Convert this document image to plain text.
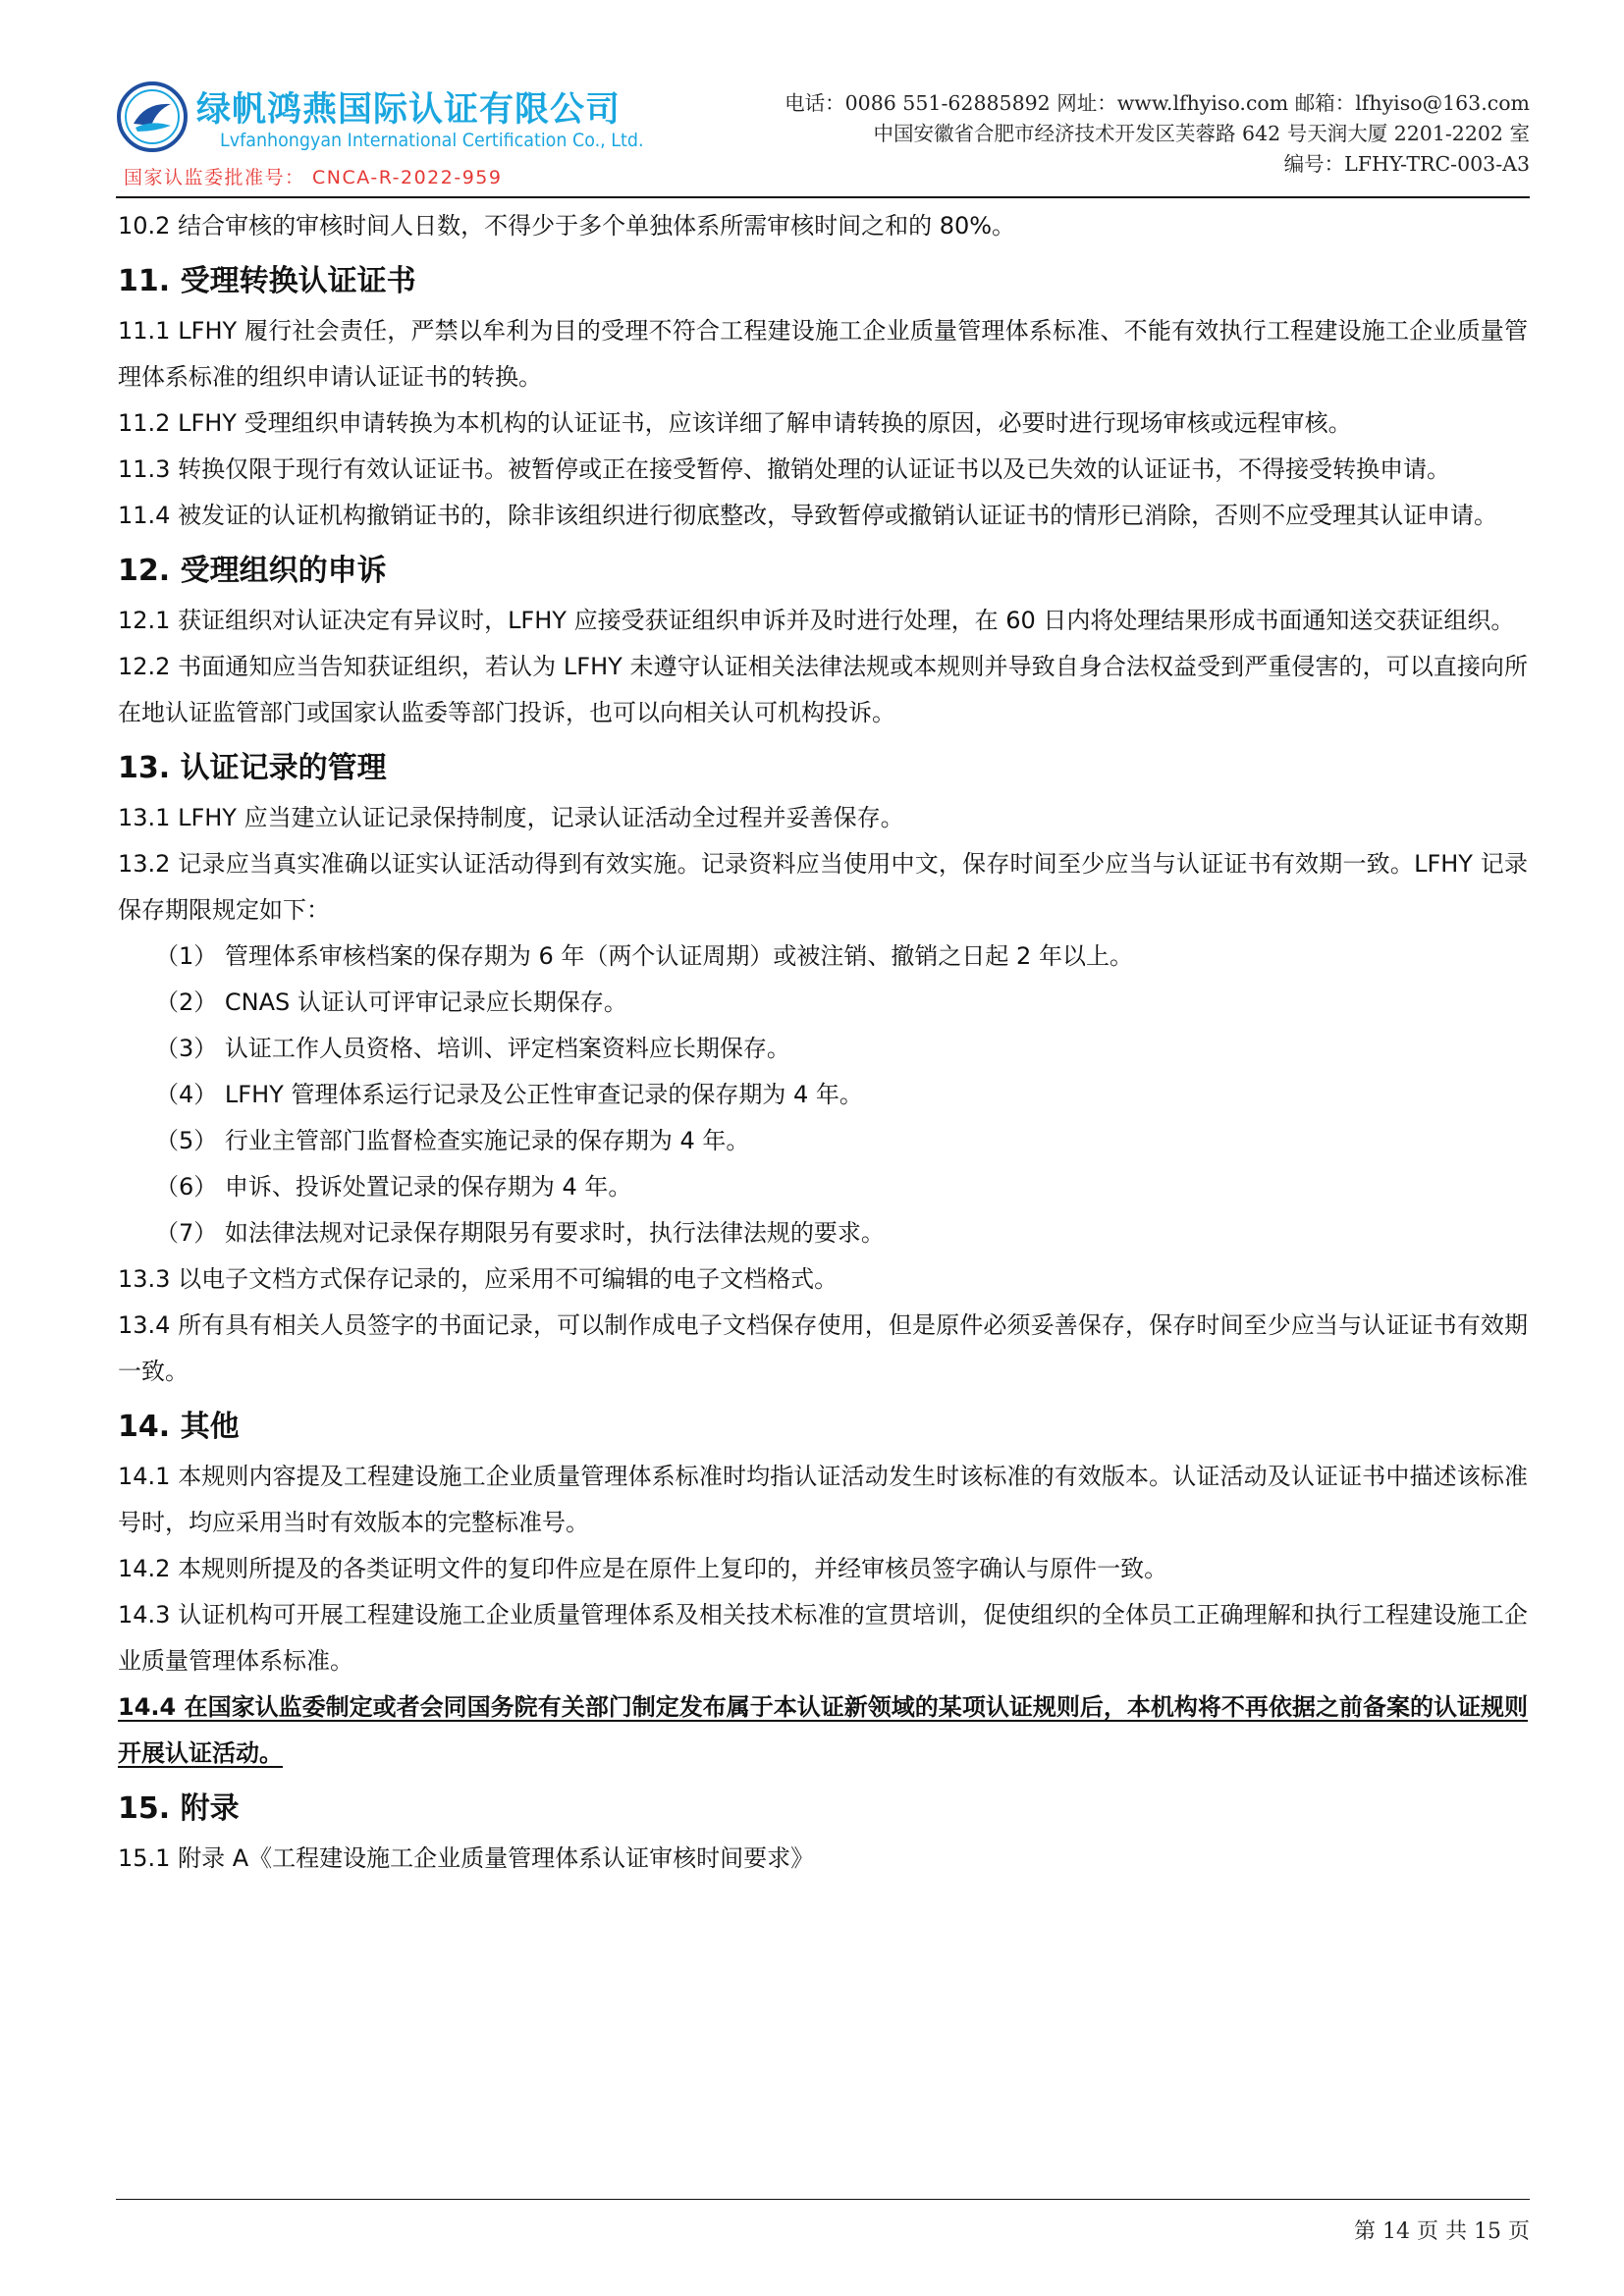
绿帆鸿燕国际认证有限公司
Lvfanhongyan International Certification Co., Ltd.
国家认监委批准号： CNCA-R-2022-959
电话：0086 551-62885892 网址：www.lfhyiso.com 邮箱：lfhyiso@163.com
中国安徽省合肥市经济技术开发区芙蓉路 642 号天润大厦 2201-2202 室
编号：LFHY-TRC-003-A3

10.2 结合审核的审核时间人日数，不得少于多个单独体系所需审核时间之和的 80%。

11. 受理转换认证证书

11.1 LFHY 履行社会责任，严禁以牟利为目的受理不符合工程建设施工企业质量管理体系标准、不能有效执行工程建设施工企业质量管理体系标准的组织申请认证证书的转换。

11.2 LFHY 受理组织申请转换为本机构的认证证书，应该详细了解申请转换的原因，必要时进行现场审核或远程审核。

11.3 转换仅限于现行有效认证证书。被暂停或正在接受暂停、撤销处理的认证证书以及已失效的认证证书，不得接受转换申请。

11.4 被发证的认证机构撤销证书的，除非该组织进行彻底整改，导致暂停或撤销认证证书的情形已消除，否则不应受理其认证申请。

12. 受理组织的申诉

12.1 获证组织对认证决定有异议时，LFHY 应接受获证组织申诉并及时进行处理，在 60 日内将处理结果形成书面通知送交获证组织。

12.2 书面通知应当告知获证组织，若认为 LFHY 未遵守认证相关法律法规或本规则并导致自身合法权益受到严重侵害的，可以直接向所在地认证监管部门或国家认监委等部门投诉，也可以向相关认可机构投诉。

13. 认证记录的管理

13.1 LFHY 应当建立认证记录保持制度，记录认证活动全过程并妥善保存。

13.2 记录应当真实准确以证实认证活动得到有效实施。记录资料应当使用中文，保存时间至少应当与认证证书有效期一致。LFHY 记录保存期限规定如下：

（1） 管理体系审核档案的保存期为 6 年（两个认证周期）或被注销、撤销之日起 2 年以上。
（2） CNAS 认证认可评审记录应长期保存。
（3） 认证工作人员资格、培训、评定档案资料应长期保存。
（4） LFHY 管理体系运行记录及公正性审查记录的保存期为 4 年。
（5） 行业主管部门监督检查实施记录的保存期为 4 年。
（6） 申诉、投诉处置记录的保存期为 4 年。
（7） 如法律法规对记录保存期限另有要求时，执行法律法规的要求。

13.3 以电子文档方式保存记录的，应采用不可编辑的电子文档格式。

13.4 所有具有相关人员签字的书面记录，可以制作成电子文档保存使用，但是原件必须妥善保存，保存时间至少应当与认证证书有效期一致。

14. 其他

14.1 本规则内容提及工程建设施工企业质量管理体系标准时均指认证活动发生时该标准的有效版本。认证活动及认证证书中描述该标准号时，均应采用当时有效版本的完整标准号。

14.2 本规则所提及的各类证明文件的复印件应是在原件上复印的，并经审核员签字确认与原件一致。

14.3 认证机构可开展工程建设施工企业质量管理体系及相关技术标准的宣贯培训，促使组织的全体员工正确理解和执行工程建设施工企业质量管理体系标准。

14.4 在国家认监委制定或者会同国务院有关部门制定发布属于本认证新领域的某项认证规则后，本机构将不再依据之前备案的认证规则开展认证活动。

15. 附录

15.1 附录 A《工程建设施工企业质量管理体系认证审核时间要求》

第 14 页 共 15 页
